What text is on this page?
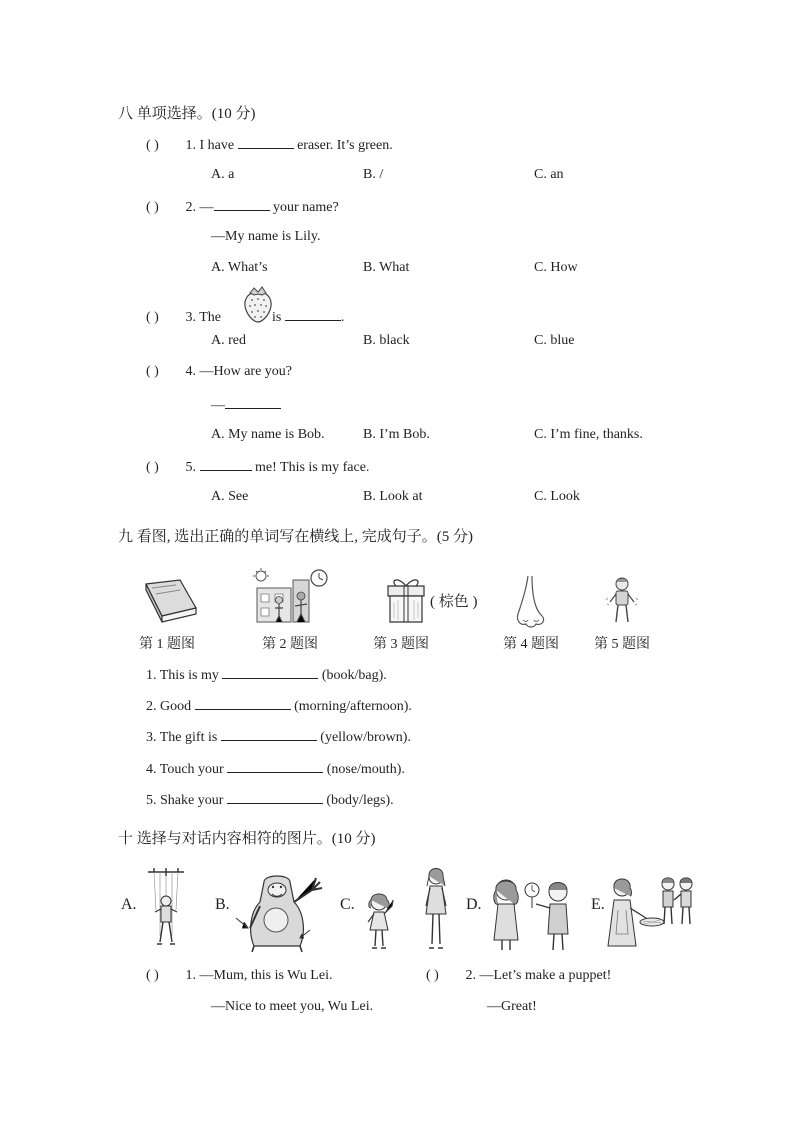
八 单项选择。(10 分)
( ) 1. I have	eraser. It’s green.
A. a	B. /	C. an
( ) 2. —	your name?
—My name is Lily.
A. What’s	B. What	C. How
( ) 3. The	is	.
A. red	B. black	C. blue
( ) 4. —How are you?
—
A. My name is Bob.	B. I’m Bob.	C. I’m fine, thanks.
( ) 5.	me! This is my face.
A. See	B. Look at	C. Look
九 看图, 选出正确的单词写在横线上, 完成句子。(5 分)
第 1 题图	第 2 题图
( 棕色 )
第 3 题图	第 4 题图	第 5 题图
1. This is my	(book/bag).
2. Good	(morning/afternoon).
3. The gift is	(yellow/brown).
4. Touch your	(nose/mouth).
5. Shake your	(body/legs).
十 选择与对话内容相符的图片。(10 分)
A.	B.	C.	D.	E.
( ) 1. —Mum, this is Wu Lei.
—Nice to meet you, Wu Lei.
( ) 2. —Let’s make a puppet!
—Great!
